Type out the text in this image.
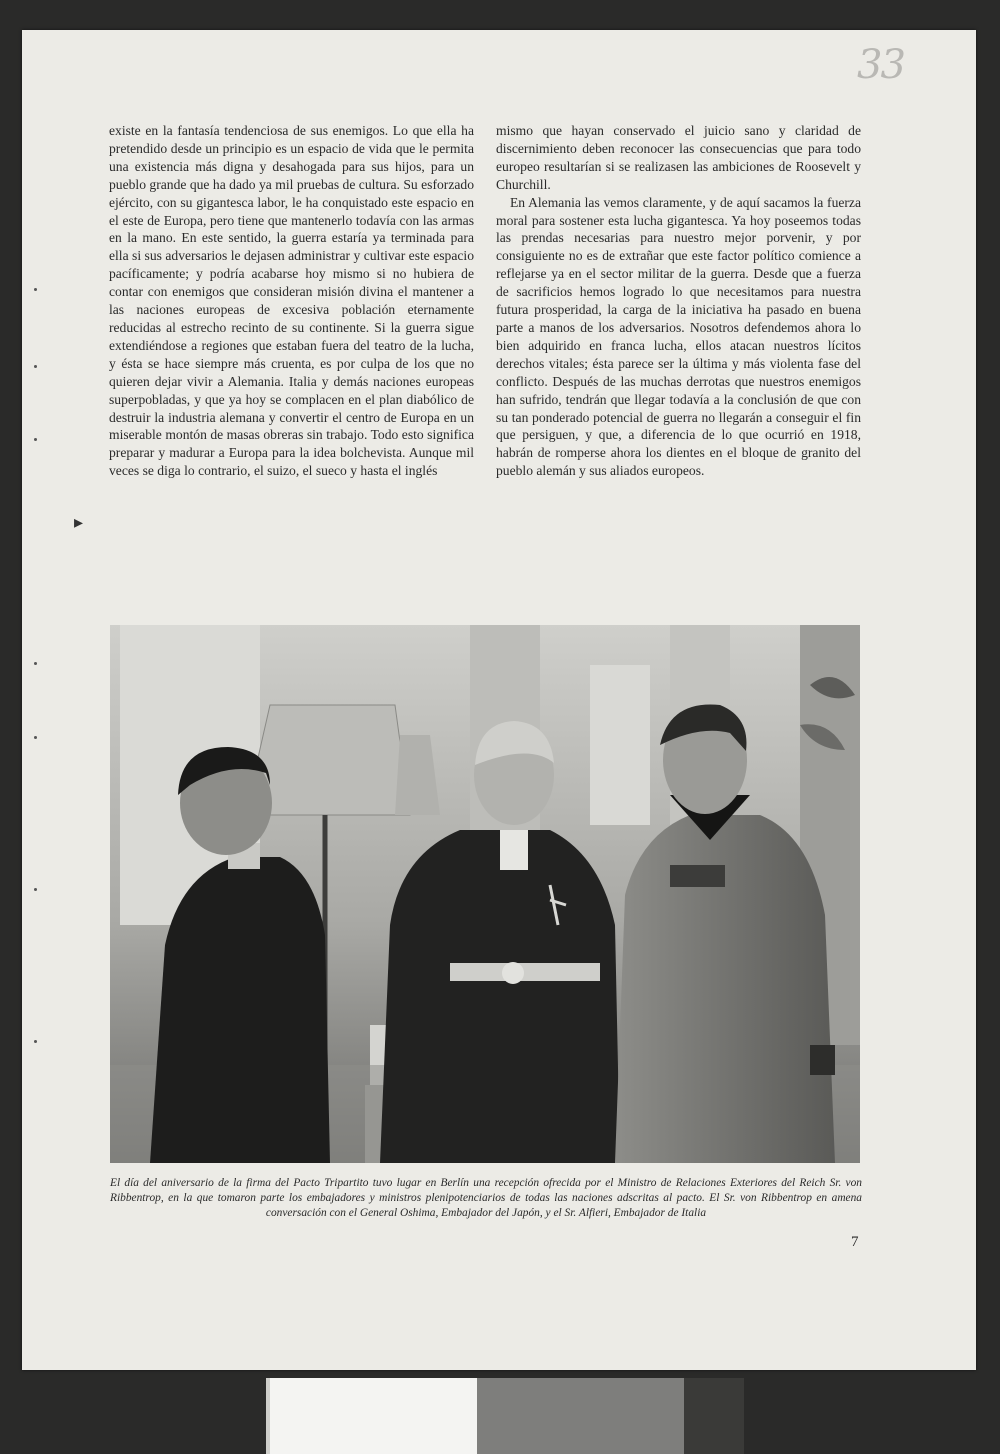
33

existe en la fantasía tendenciosa de sus enemigos. Lo que ella ha pretendido desde un principio es un espacio de vida que le permita una existencia más digna y desahogada para sus hijos, para un pueblo grande que ha dado ya mil pruebas de cultura. Su esforzado ejército, con su gigantesca labor, le ha conquistado este espacio en el este de Europa, pero tiene que mantenerlo todavía con las armas en la mano. En este sentido, la guerra estaría ya terminada para ella si sus adversarios le dejasen administrar y cultivar este espacio pacíficamente; y podría acabarse hoy mismo si no hubiera de contar con enemigos que consideran misión divina el mantener a las naciones europeas de excesiva población eternamente reducidas al estrecho recinto de su continente. Si la guerra sigue extendiéndose a regiones que estaban fuera del teatro de la lucha, y ésta se hace siempre más cruenta, es por culpa de los que no quieren dejar vivir a Alemania. Italia y demás naciones europeas superpobladas, y que ya hoy se complacen en el plan diabólico de destruir la industria alemana y convertir el centro de Europa en un miserable montón de masas obreras sin trabajo. Todo esto significa preparar y madurar a Europa para la idea bolchevista. Aunque mil veces se diga lo contrario, el suizo, el sueco y hasta el inglés

mismo que hayan conservado el juicio sano y claridad de discernimiento deben reconocer las consecuencias que para todo europeo resultarían si se realizasen las ambiciones de Roosevelt y Churchill.

En Alemania las vemos claramente, y de aquí sacamos la fuerza moral para sostener esta lucha gigantesca. Ya hoy poseemos todas las prendas necesarias para nuestro mejor porvenir, y por consiguiente no es de extrañar que este factor político comience a reflejarse ya en el sector militar de la guerra. Desde que a fuerza de sacrificios hemos logrado lo que necesitamos para nuestra futura prosperidad, la carga de la iniciativa ha pasado en buena parte a manos de los adversarios. Nosotros defendemos ahora lo bien adquirido en franca lucha, ellos atacan nuestros lícitos derechos vitales; ésta parece ser la última y más violenta fase del conflicto. Después de las muchas derrotas que nuestros enemigos han sufrido, tendrán que llegar todavía a la conclusión de que con su tan ponderado potencial de guerra no llegarán a conseguir el fin que persiguen, y que, a diferencia de lo que ocurrió en 1918, habrán de romperse ahora los dientes en el bloque de granito del pueblo alemán y sus aliados europeos.

▸
El día del aniversario de la firma del Pacto Tripartito tuvo lugar en Berlín una recepción ofrecida por el Ministro de Relaciones Exteriores del Reich Sr. von Ribbentrop, en la que tomaron parte los embajadores y ministros plenipotenciarios de todas las naciones adscritas al pacto. El Sr. von Ribbentrop en amena conversación con el General Oshima, Embajador del Japón, y el Sr. Alfieri, Embajador de Italia
7
